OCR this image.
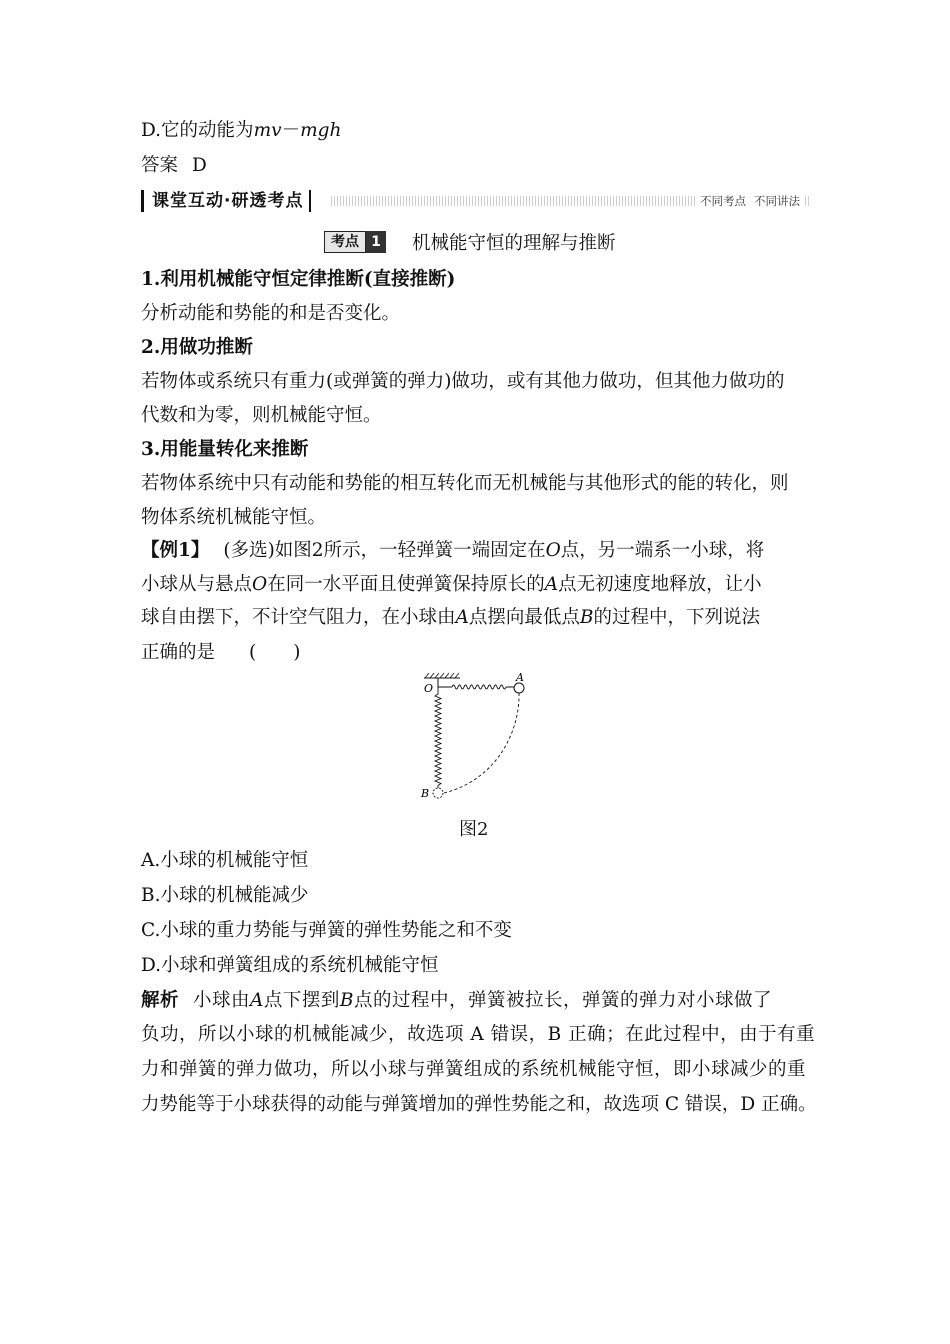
D.它的动能为mv－mgh
答案 D
课堂互动·研透考点	不同考点 不同讲法
考点 1 机械能守恒的理解与推断
1.利用机械能守恒定律推断(直接推断)
分析动能和势能的和是否变化。
2.用做功推断
若物体或系统只有重力(或弹簧的弹力)做功，或有其他力做功，但其他力做功的
代数和为零，则机械能守恒。
3.用能量转化来推断
若物体系统中只有动能和势能的相互转化而无机械能与其他形式的能的转化，则
物体系统机械能守恒。
【例1】 (多选)如图2所示，一轻弹簧一端固定在O点，另一端系一小球，将
小球从与悬点O在同一水平面且使弹簧保持原长的A点无初速度地释放，让小
球自由摆下，不计空气阻力，在小球由A点摆向最低点B的过程中，下列说法
正确的是 (　　)
O
A
B
图2
A.小球的机械能守恒
B.小球的机械能减少
C.小球的重力势能与弹簧的弹性势能之和不变
D.小球和弹簧组成的系统机械能守恒
解析 小球由A点下摆到B点的过程中，弹簧被拉长，弹簧的弹力对小球做了
负功，所以小球的机械能减少，故选项 A 错误，B 正确；在此过程中，由于有重
力和弹簧的弹力做功，所以小球与弹簧组成的系统机械能守恒，即小球减少的重
力势能等于小球获得的动能与弹簧增加的弹性势能之和，故选项 C 错误，D 正确。
